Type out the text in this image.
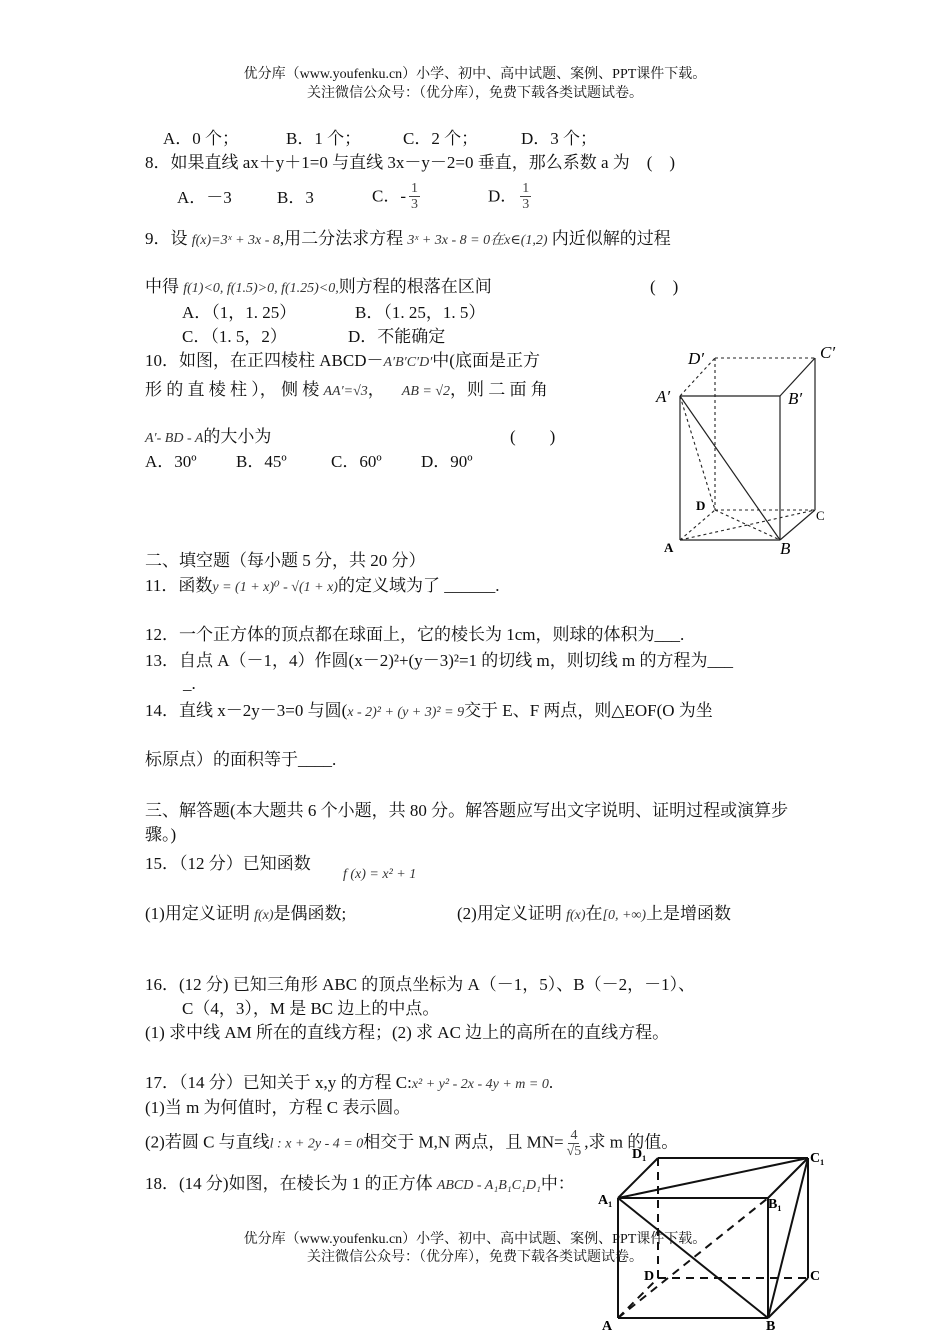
优分库（www.youfenku.cn）小学、初中、高中试题、案例、PPT课件下载。
关注微信公众号：（优分库），免费下载各类试题试卷。
A．0 个；	B．1 个； C．2 个；	D．3 个；
8．如果直线 ax＋y＋1=0 与直线 3x－y－2=0 垂直，那么系数 a 为　(　)
A．－3	B．3	C．- $\frac{1}{3}$	D． $\frac{1}{3}$
9．设 f(x)=3ˣ + 3x - 8,用二分法求方程 3ˣ + 3x - 8 = 0在x∈(1,2) 内近似解的过程
中得 f(1)<0, f(1.5)>0, f(1.25)<0,则方程的根落在区间	(　)
A．（1，1. 25）	B．（1. 25，1. 5）
C．（1. 5，2）	D．不能确定
10．如图，在正四棱柱 ABCD－A′B′C′D′中(底面是正方
形 的 直 棱 柱 ）， 侧 棱 AA′=√3， AB = √2，则 二 面 角
A′- BD - A的大小为	(　　)
A．30º B．45º	C．60º D．90º
D′	C′
A′	B′
D
C
A	B
二、填空题（每小题 5 分，共 20 分）
11．函数y = (1 + x)⁰ - √(1 + x)的定义域为了 ______.
12．一个正方体的顶点都在球面上，它的棱长为 1cm，则球的体积为___.
13．自点 A（－1，4）作圆(x－2)²+(y－3)²=1 的切线 m，则切线 m 的方程为___
_.
14．直线 x－2y－3=0 与圆(x - 2)² + (y + 3)² = 9交于 E、F 两点，则△EOF(O 为坐
标原点）的面积等于____.
三、解答题(本大题共 6 个小题，共 80 分。解答题应写出文字说明、证明过程或演算步
骤。)
15．（12 分）已知函数
f (x) = x² + 1
(1)用定义证明 f(x)是偶函数;	(2)用定义证明 f(x)在[0, +∞)上是增函数
16．(12 分) 已知三角形 ABC 的顶点坐标为 A（－1，5）、B（－2，－1）、
C（4，3），M 是 BC 边上的中点。
(1) 求中线 AM 所在的直线方程；(2) 求 AC 边上的高所在的直线方程。
17．（14 分）已知关于 x,y 的方程 C:x² + y² - 2x - 4y + m = 0.
(1)当 m 为何值时，方程 C 表示圆。
(2)若圆 C 与直线l : x + 2y - 4 = 0相交于 M,N 两点，且 $MN= \frac{4}{√5}$ ,求 m 的值。
18．(14 分)如图，在棱长为 1 的正方体 ABCD - A₁B₁C₁D₁中：
D₁	C₁
A₁	B₁
D	C
A	B
优分库（www.youfenku.cn）小学、初中、高中试题、案例、PPT课件下载。
关注微信公众号：（优分库），免费下载各类试题试卷。
